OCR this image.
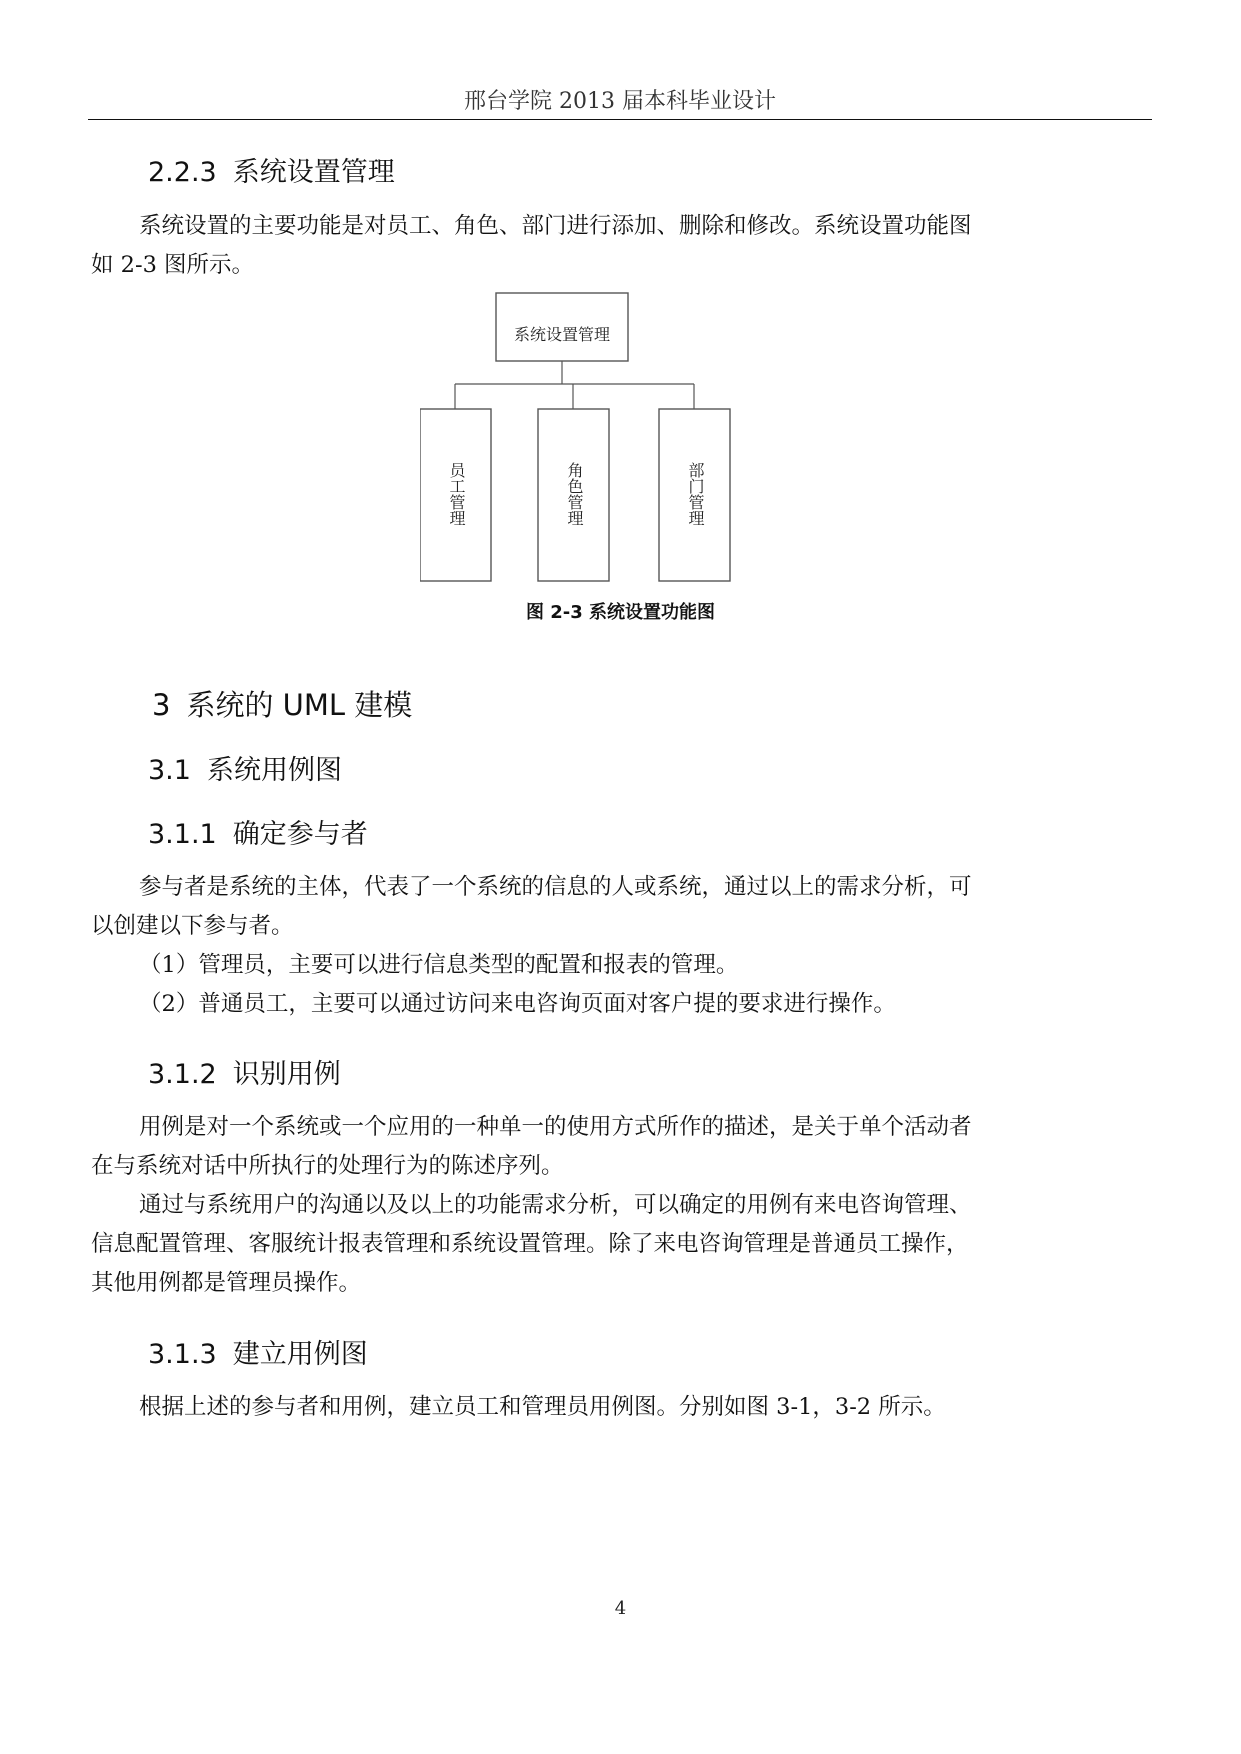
邢台学院 2013 届本科毕业设计
2.2.3 系统设置管理
系统设置的主要功能是对员工、角色、部门进行添加、删除和修改。系统设置功能图
如 2-3 图所示。
系统设置管理
员工管理	角色管理	部门管理
图 2-3 系统设置功能图
3 系统的 UML 建模
3.1 系统用例图
3.1.1 确定参与者
参与者是系统的主体，代表了一个系统的信息的人或系统，通过以上的需求分析，可
以创建以下参与者。
（1）管理员，主要可以进行信息类型的配置和报表的管理。
（2）普通员工，主要可以通过访问来电咨询页面对客户提的要求进行操作。
3.1.2 识别用例
用例是对一个系统或一个应用的一种单一的使用方式所作的描述，是关于单个活动者
在与系统对话中所执行的处理行为的陈述序列。
通过与系统用户的沟通以及以上的功能需求分析，可以确定的用例有来电咨询管理、
信息配置管理、客服统计报表管理和系统设置管理。除了来电咨询管理是普通员工操作，
其他用例都是管理员操作。
3.1.3 建立用例图
根据上述的参与者和用例，建立员工和管理员用例图。分别如图 3-1，3-2 所示。
4
